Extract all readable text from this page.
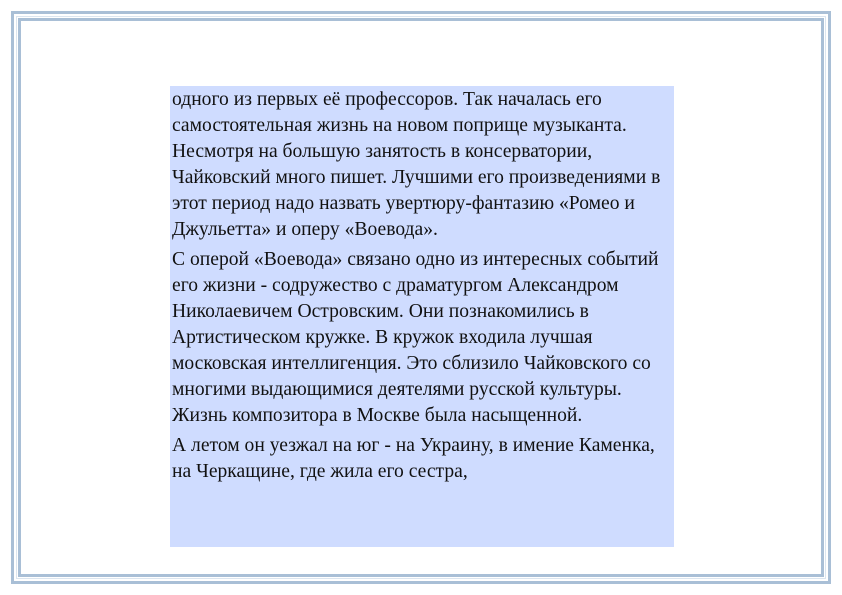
одного из первых её профессоров. Так началась его самостоятельная жизнь на новом поприще музыканта. Несмотря на большую занятость в консерватории, Чайковский много пишет. Лучшими его произведениями в этот период надо назвать увертюру-фантазию «Ромео и Джульетта» и оперу «Воевода».

С оперой «Воевода» связано одно из интересных событий его жизни - содружество с драматургом Александром Николаевичем Островским. Они познакомились в Артистическом кружке. В кружок входила лучшая московская интеллигенция. Это сблизило Чайковского со многими выдающимися деятелями русской культуры. Жизнь композитора в Москве была насыщенной.

А летом он уезжал на юг - на Украину, в имение Каменка, на Черкащине, где жила его сестра,
